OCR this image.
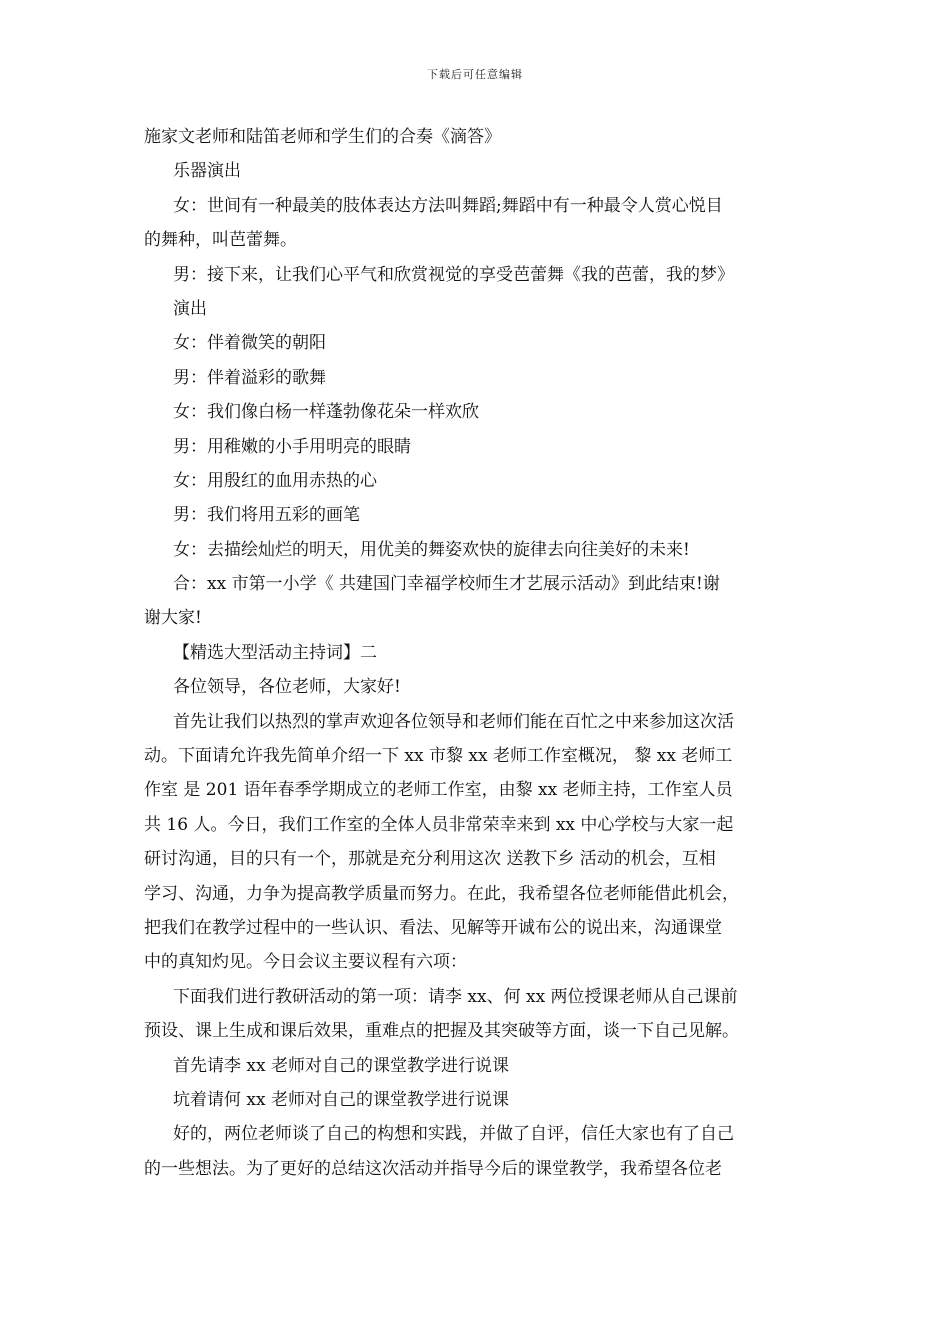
下载后可任意编辑
施家文老师和陆笛老师和学生们的合奏《滴答》
乐器演出
女：世间有一种最美的肢体表达方法叫舞蹈;舞蹈中有一种最令人赏心悦目
的舞种，叫芭蕾舞。
男：接下来，让我们心平气和欣赏视觉的享受芭蕾舞《我的芭蕾，我的梦》
演出
女：伴着微笑的朝阳
男：伴着溢彩的歌舞
女：我们像白杨一样蓬勃像花朵一样欢欣
男：用稚嫩的小手用明亮的眼睛
女：用殷红的血用赤热的心
男：我们将用五彩的画笔
女：去描绘灿烂的明天，用优美的舞姿欢快的旋律去向往美好的未来!
合：xx 市第一小学《 共建国门幸福学校师生才艺展示活动》到此结束!谢
谢大家!
【精选大型活动主持词】二
各位领导，各位老师，大家好!
首先让我们以热烈的掌声欢迎各位领导和老师们能在百忙之中来参加这次活
动。下面请允许我先简单介绍一下 xx 市黎 xx 老师工作室概况， 黎 xx 老师工
作室 是 201 语年春季学期成立的老师工作室，由黎 xx 老师主持，工作室人员
共 16 人。今日，我们工作室的全体人员非常荣幸来到 xx 中心学校与大家一起
研讨沟通，目的只有一个，那就是充分利用这次 送教下乡 活动的机会，互相
学习、沟通，力争为提高教学质量而努力。在此，我希望各位老师能借此机会，
把我们在教学过程中的一些认识、看法、见解等开诚布公的说出来，沟通课堂
中的真知灼见。今日会议主要议程有六项：
下面我们进行教研活动的第一项：请李 xx、何 xx 两位授课老师从自己课前
预设、课上生成和课后效果，重难点的把握及其突破等方面，谈一下自己见解。
首先请李 xx 老师对自己的课堂教学进行说课
坑着请何 xx 老师对自己的课堂教学进行说课
好的，两位老师谈了自己的构想和实践，并做了自评，信任大家也有了自己
的一些想法。为了更好的总结这次活动并指导今后的课堂教学，我希望各位老
